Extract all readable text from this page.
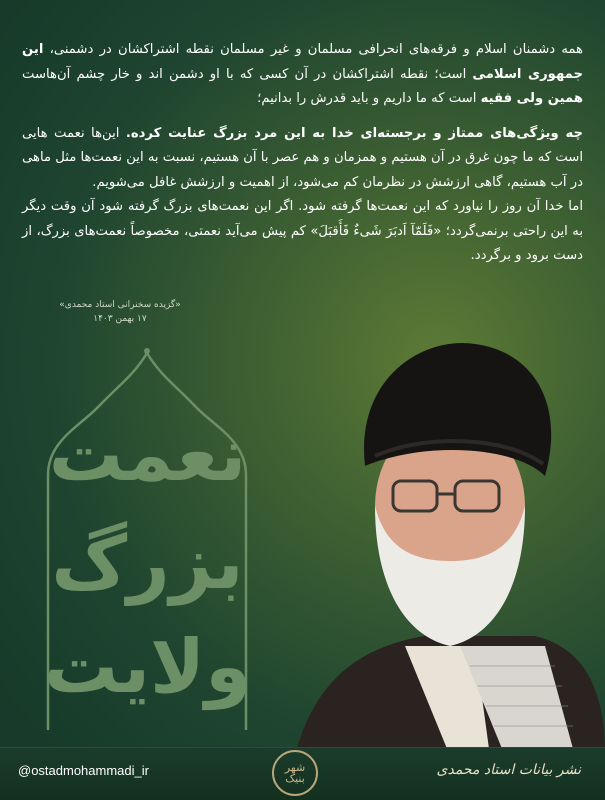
همه دشمنان اسلام و فرقه‌های انحرافی مسلمان و غیر مسلمان نقطه اشتراکشان در دشمنی، این جمهوری اسلامی است؛ نقطه اشتراکشان در آن کسی که با او دشمن اند و خار چشم آن‌هاست همین ولی فقیه است که ما داریم و باید قدرش را بدانیم؛

چه ویژگی‌های ممتاز و برجسته‌ای خدا به این مرد بزرگ عنایت کرده. این‌ها نعمت هایی است که ما چون غرق در آن هستیم و همزمان و هم عصر با آن هستیم، نسبت به این نعمت‌ها مثل ماهی در آب هستیم، گاهی ارزشش در نظرمان کم می‌شود، از اهمیت و ارزشش غافل می‌شویم.

اما خدا آن روز را نیاورد که این نعمت‌ها گرفته شود. اگر این نعمت‌های بزرگ گرفته شود آن وقت دیگر به این راحتی برنمی‌گردد؛ «فَلَمّآ اَدبَرَ شَیءٌ فَأَقبَلَ» کم پیش می‌آید نعمتی، مخصوصاً نعمت‌های بزرگ، از دست برود و برگردد.

«گزیده سخنرانی استاد محمدی»
۱۷ بهمن ۱۴۰۳
نعمت
بزرگ
ولایت
@ostadmohammadi_ir	شهر بنیک
نشر بیانات استاد محمدی
